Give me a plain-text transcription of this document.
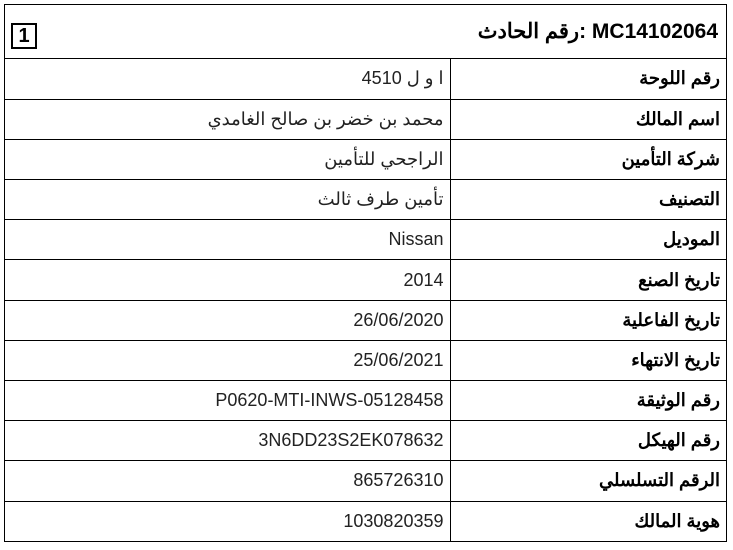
1	MC14102064 :رقم الحادث
ا و ل 4510	رقم اللوحة
محمد بن خضر بن صالح الغامدي	اسم المالك
الراجحي للتأمين	شركة التأمين
تأمين طرف ثالث	التصنيف
Nissan	الموديل
2014	تاريخ الصنع
26/06/2020	تاريخ الفاعلية
25/06/2021	تاريخ الانتهاء
P0620-MTI-INWS-05128458	رقم الوثيقة
3N6DD23S2EK078632	رقم الهيكل
865726310	الرقم التسلسلي
1030820359	هوية المالك
